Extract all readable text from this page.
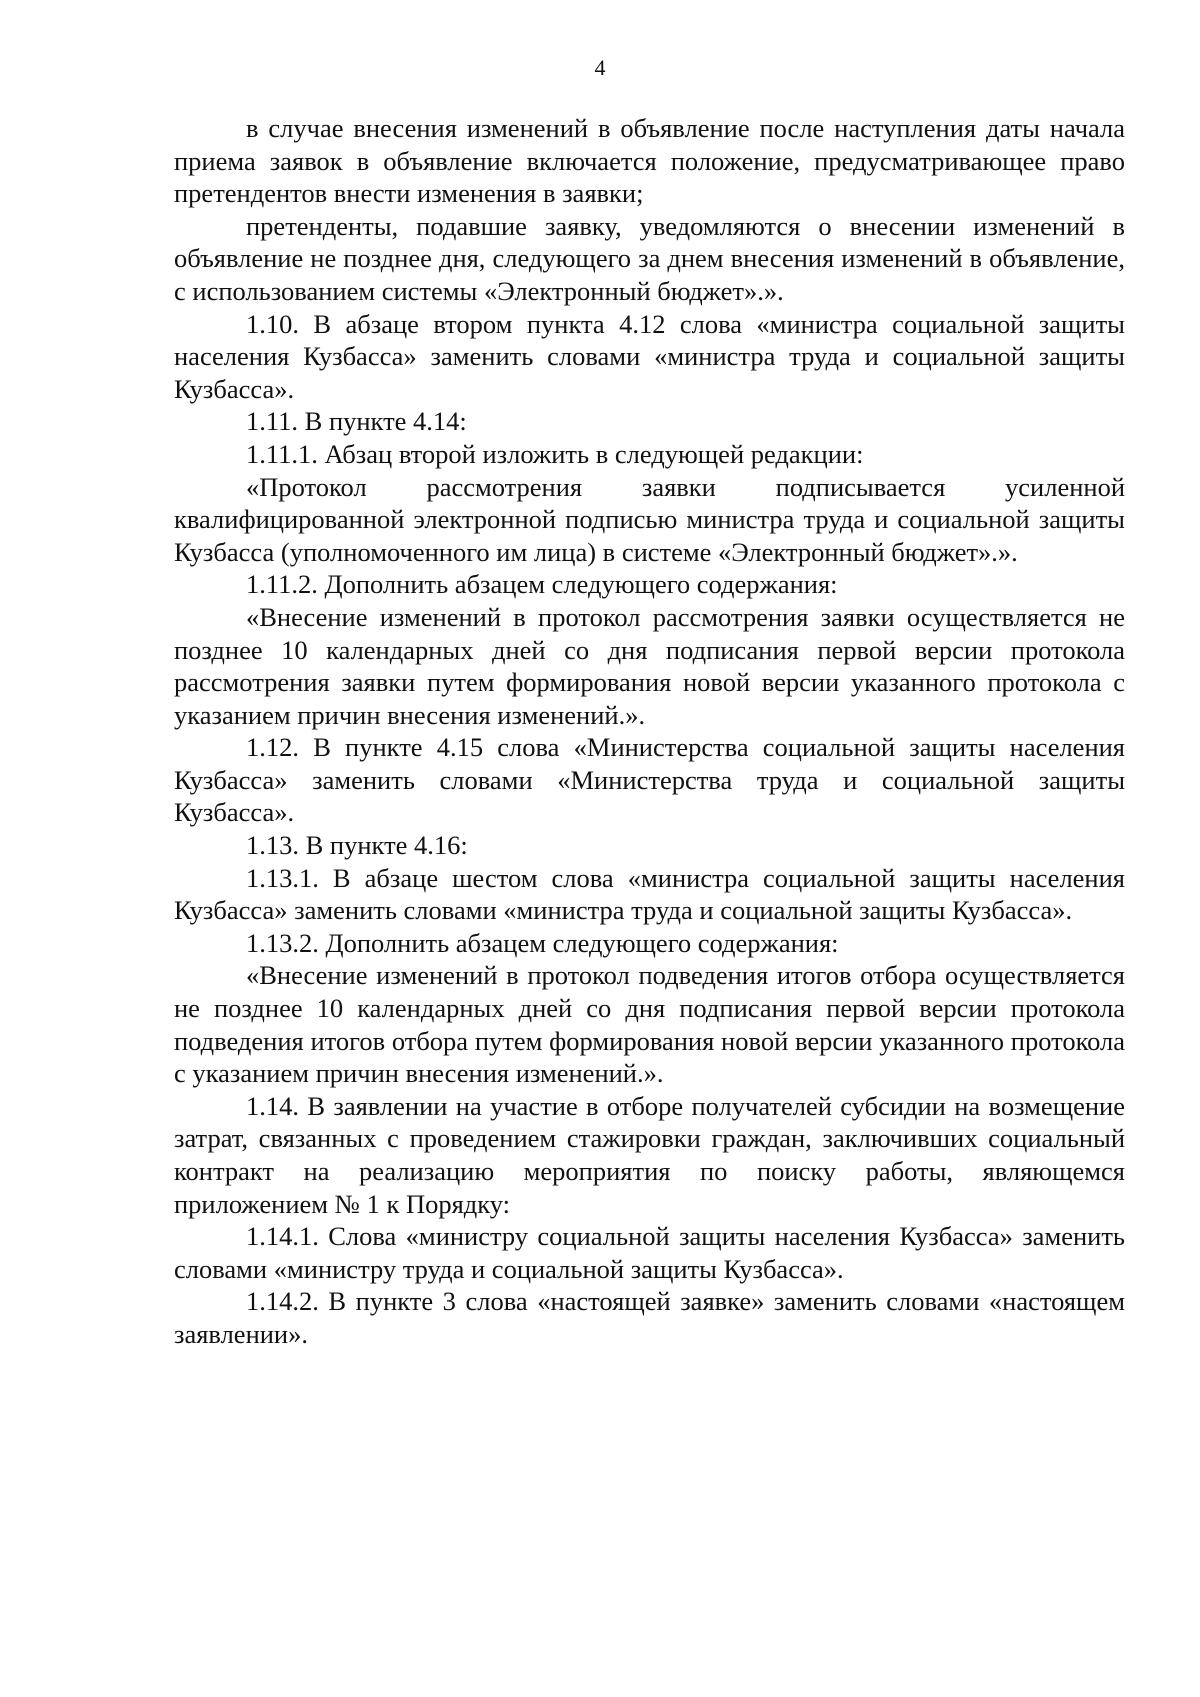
4

в случае внесения изменений в объявление после наступления даты начала приема заявок в объявление включается положение, предусматривающее право претендентов внести изменения в заявки;

претенденты, подавшие заявку, уведомляются о внесении изменений в объявление не позднее дня, следующего за днем внесения изменений в объявление, с использованием системы «Электронный бюджет».».

1.10. В абзаце втором пункта 4.12 слова «министра социальной защиты населения Кузбасса» заменить словами «министра труда и социальной защиты Кузбасса».

1.11. В пункте 4.14:

1.11.1. Абзац второй изложить в следующей редакции:

«Протокол рассмотрения заявки подписывается усиленной квалифицированной электронной подписью министра труда и социальной защиты Кузбасса (уполномоченного им лица) в системе «Электронный бюджет».».

1.11.2. Дополнить абзацем следующего содержания:

«Внесение изменений в протокол рассмотрения заявки осуществляется не позднее 10 календарных дней со дня подписания первой версии протокола рассмотрения заявки путем формирования новой версии указанного протокола с указанием причин внесения изменений.».

1.12. В пункте 4.15 слова «Министерства социальной защиты населения Кузбасса» заменить словами «Министерства труда и социальной защиты Кузбасса».

1.13. В пункте 4.16:

1.13.1. В абзаце шестом слова «министра социальной защиты населения Кузбасса» заменить словами «министра труда и социальной защиты Кузбасса».

1.13.2. Дополнить абзацем следующего содержания:

«Внесение изменений в протокол подведения итогов отбора осуществляется не позднее 10 календарных дней со дня подписания первой версии протокола подведения итогов отбора путем формирования новой версии указанного протокола с указанием причин внесения изменений.».

1.14. В заявлении на участие в отборе получателей субсидии на возмещение затрат, связанных с проведением стажировки граждан, заключивших социальный контракт на реализацию мероприятия по поиску работы, являющемся приложением № 1 к Порядку:

1.14.1. Слова «министру социальной защиты населения Кузбасса» заменить словами «министру труда и социальной защиты Кузбасса».

1.14.2. В пункте 3 слова «настоящей заявке» заменить словами «настоящем заявлении».
